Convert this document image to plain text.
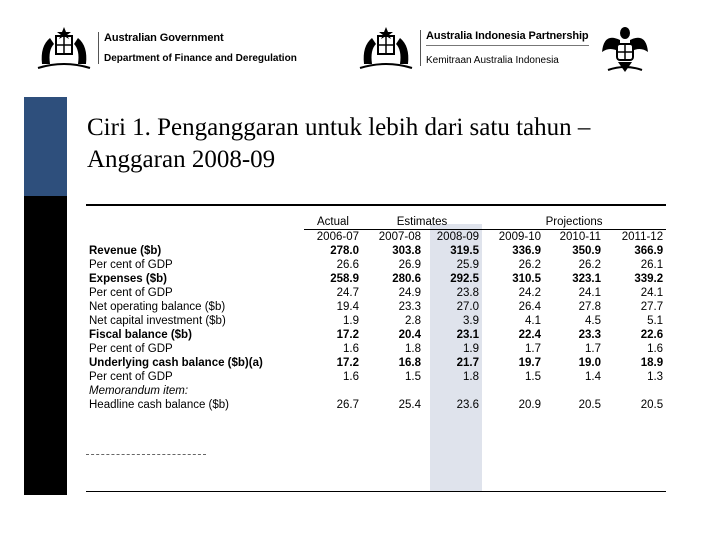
Australian Government
Department of Finance and Deregulation
Australia Indonesia Partnership
Kemitraan Australia Indonesia
Ciri 1. Penganggaran untuk lebih dari satu tahun –
Anggaran 2008-09

	Actual	Estimates		Projections		
	2006-07	2007-08	2008-09	2009-10	2010-11	2011-12
Revenue ($b)	278.0	303.8	319.5	336.9	350.9	366.9
Per cent of GDP	26.6	26.9	25.9	26.2	26.2	26.1
Expenses ($b)	258.9	280.6	292.5	310.5	323.1	339.2
Per cent of GDP	24.7	24.9	23.8	24.2	24.1	24.1
Net operating balance ($b)	19.4	23.3	27.0	26.4	27.8	27.7
Net capital investment ($b)	1.9	2.8	3.9	4.1	4.5	5.1
Fiscal balance ($b)	17.2	20.4	23.1	22.4	23.3	22.6
Per cent of GDP	1.6	1.8	1.9	1.7	1.7	1.6
Underlying cash balance ($b)(a)	17.2	16.8	21.7	19.7	19.0	18.9
Per cent of GDP	1.6	1.5	1.8	1.5	1.4	1.3
Memorandum item:						
Headline cash balance ($b)	26.7	25.4	23.6	20.9	20.5	20.5
